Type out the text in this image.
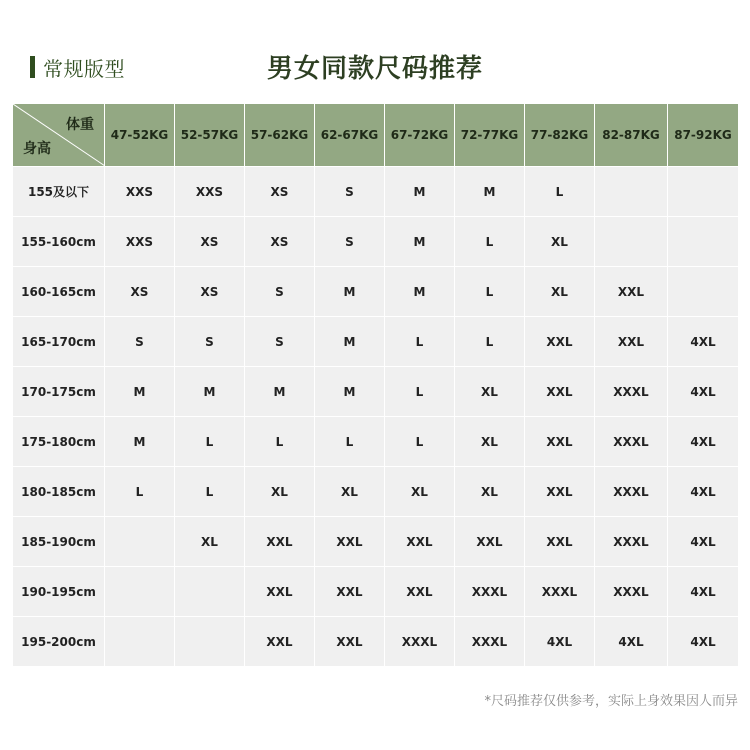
常规版型	男女同款尺码推荐
体重
身高	47-52KG	52-57KG	57-62KG	62-67KG	67-72KG	72-77KG	77-82KG	82-87KG	87-92KG
155及以下	XXS	XXS	XS	S	M	M	L		
155-160cm	XXS	XS	XS	S	M	L	XL		
160-165cm	XS	XS	S	M	M	L	XL	XXL	
165-170cm	S	S	S	M	L	L	XXL	XXL	4XL
170-175cm	M	M	M	M	L	XL	XXL	XXXL	4XL
175-180cm	M	L	L	L	L	XL	XXL	XXXL	4XL
180-185cm	L	L	XL	XL	XL	XL	XXL	XXXL	4XL
185-190cm		XL	XXL	XXL	XXL	XXL	XXL	XXXL	4XL
190-195cm			XXL	XXL	XXL	XXXL	XXXL	XXXL	4XL
195-200cm			XXL	XXL	XXXL	XXXL	4XL	4XL	4XL
*尺码推荐仅供参考，实际上身效果因人而异
